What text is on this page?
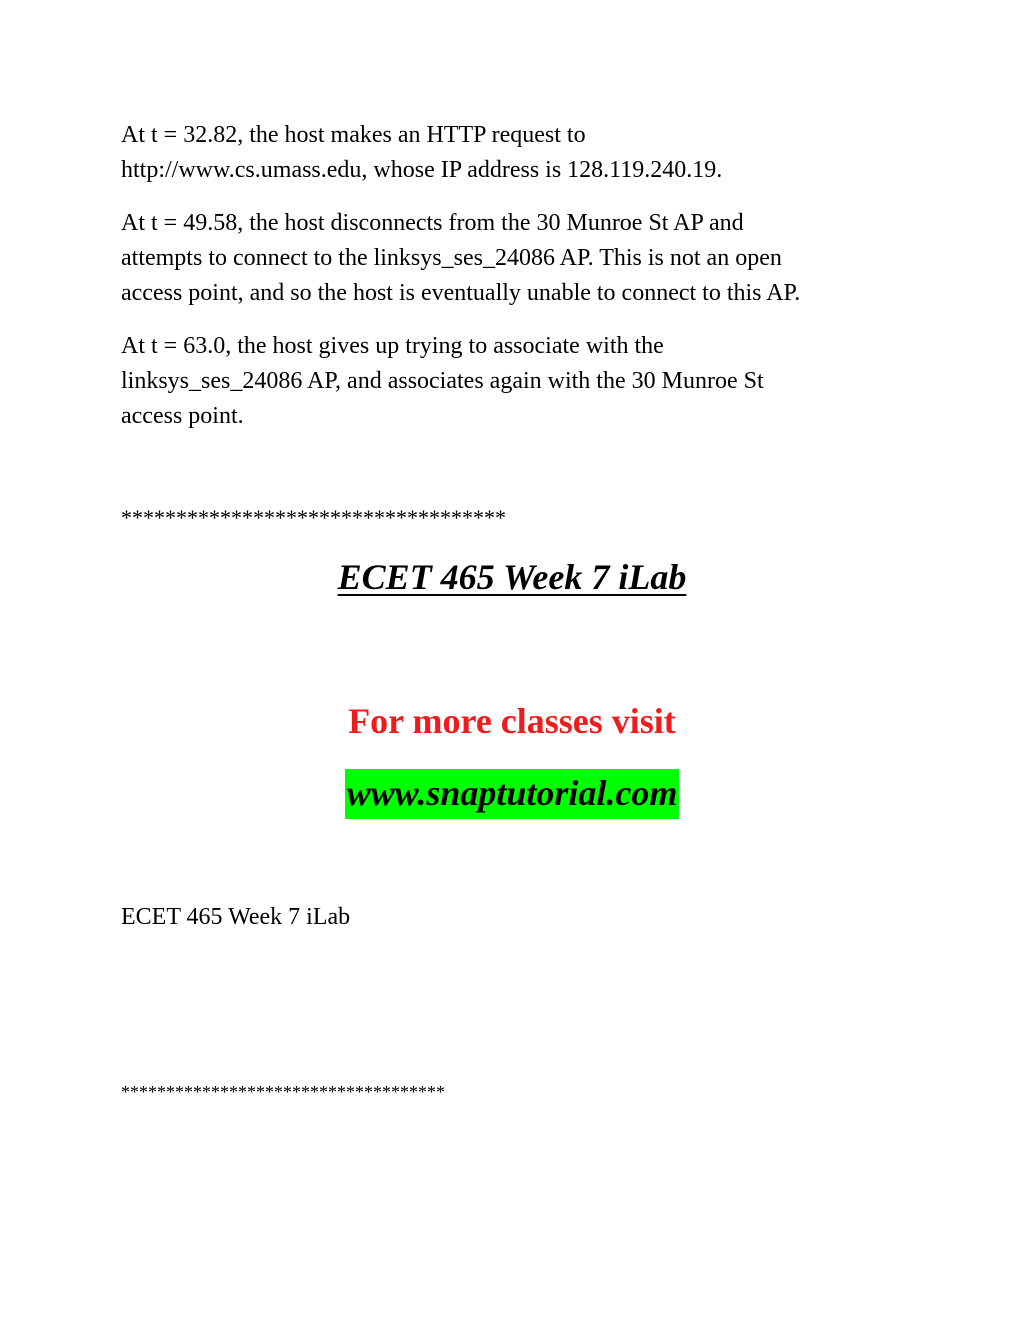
At t = 32.82, the host makes an HTTP request to
http://www.cs.umass.edu, whose IP address is 128.119.240.19.

At t = 49.58, the host disconnects from the 30 Munroe St AP and
attempts to connect to the linksys_ses_24086 AP. This is not an open
access point, and so the host is eventually unable to connect to this AP.

At t = 63.0, the host gives up trying to associate with the
linksys_ses_24086 AP, and associates again with the 30 Munroe St
access point.

***********************************

ECET 465 Week 7 iLab

For more classes visit

www.snaptutorial.com

ECET 465 Week 7 iLab

************************************
